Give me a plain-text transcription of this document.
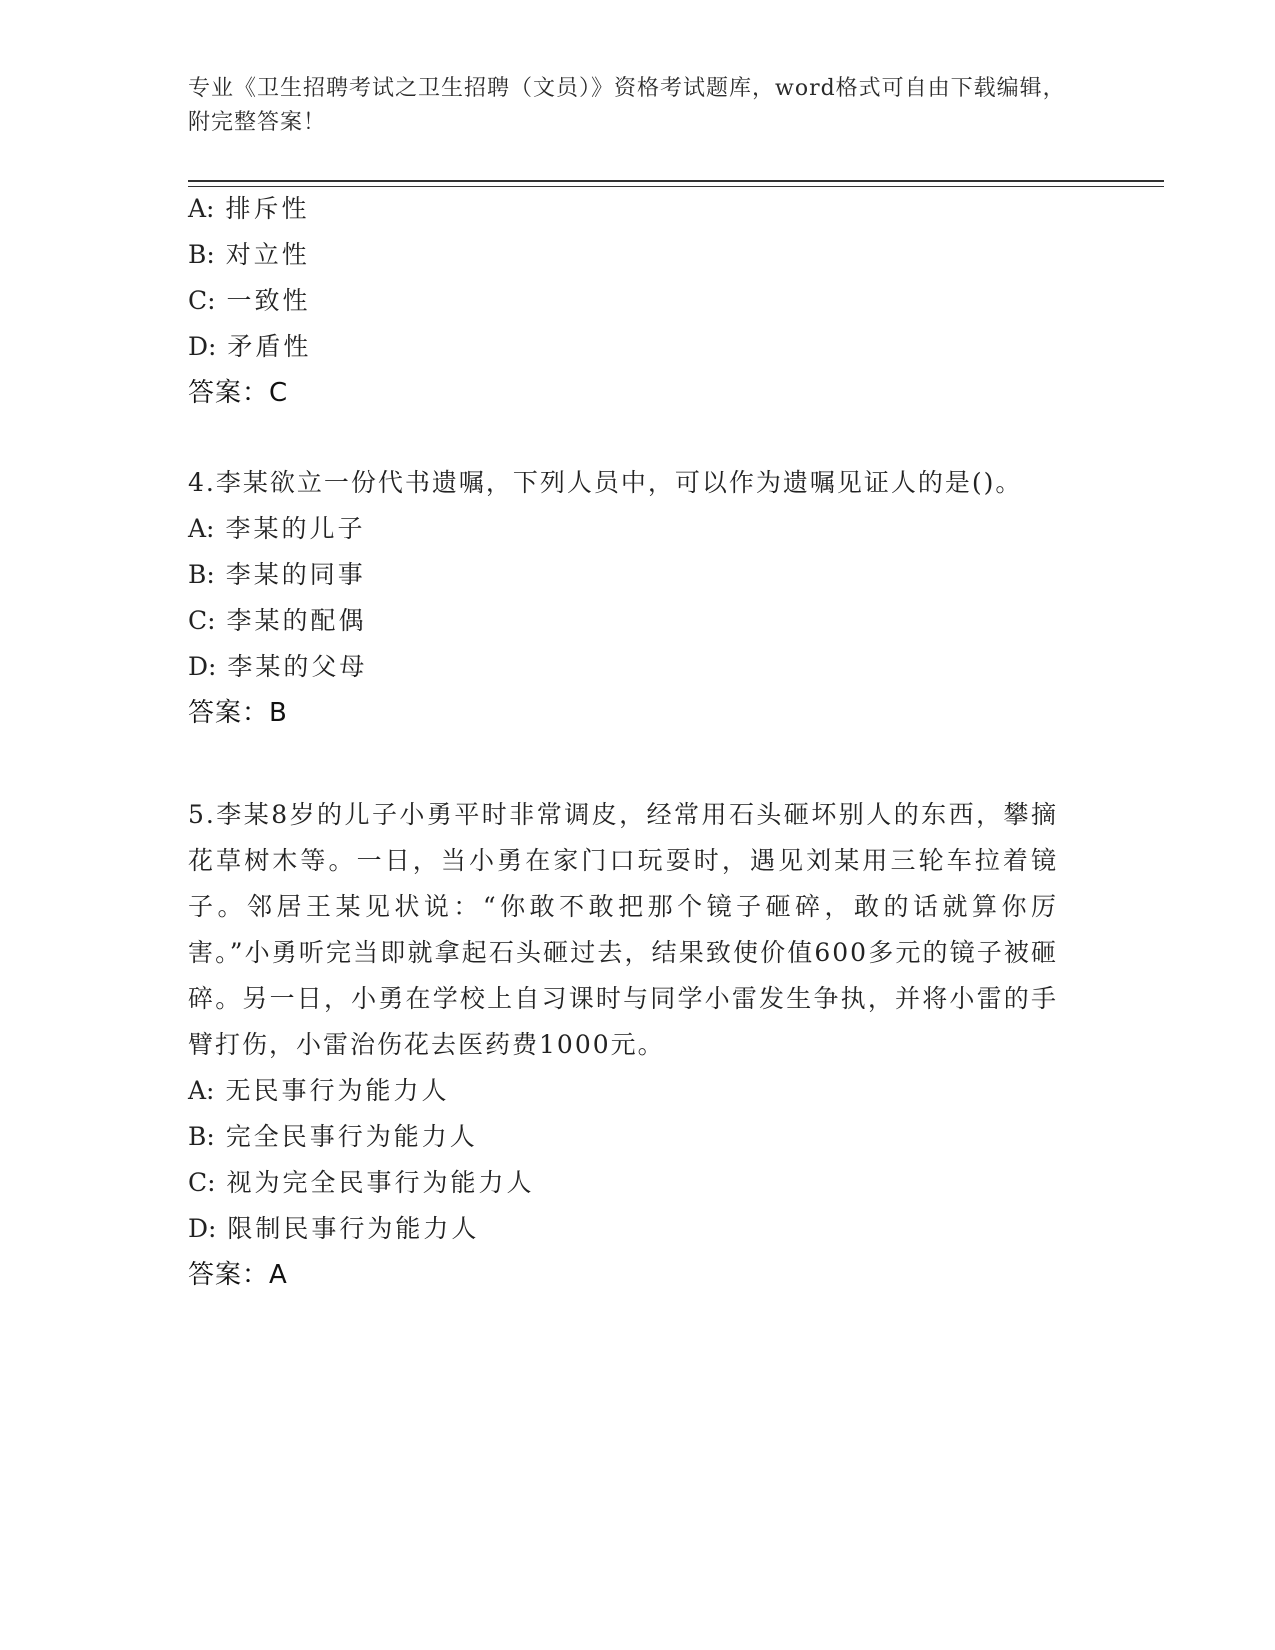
专业《卫生招聘考试之卫生招聘（文员）》资格考试题库，word格式可自由下载编辑，附完整答案！
A: 排斥性
B: 对立性
C: 一致性
D: 矛盾性
答案：C
4.李某欲立一份代书遗嘱，下列人员中，可以作为遗嘱见证人的是()。
A: 李某的儿子
B: 李某的同事
C: 李某的配偶
D: 李某的父母
答案：B
5.李某8岁的儿子小勇平时非常调皮，经常用石头砸坏别人的东西，攀摘花草树木等。一日，当小勇在家门口玩耍时，遇见刘某用三轮车拉着镜子。邻居王某见状说：“你敢不敢把那个镜子砸碎，敢的话就算你厉害。”小勇听完当即就拿起石头砸过去，结果致使价值600多元的镜子被砸碎。另一日，小勇在学校上自习课时与同学小雷发生争执，并将小雷的手臂打伤，小雷治伤花去医药费1000元。
A: 无民事行为能力人
B: 完全民事行为能力人
C: 视为完全民事行为能力人
D: 限制民事行为能力人
答案：A
